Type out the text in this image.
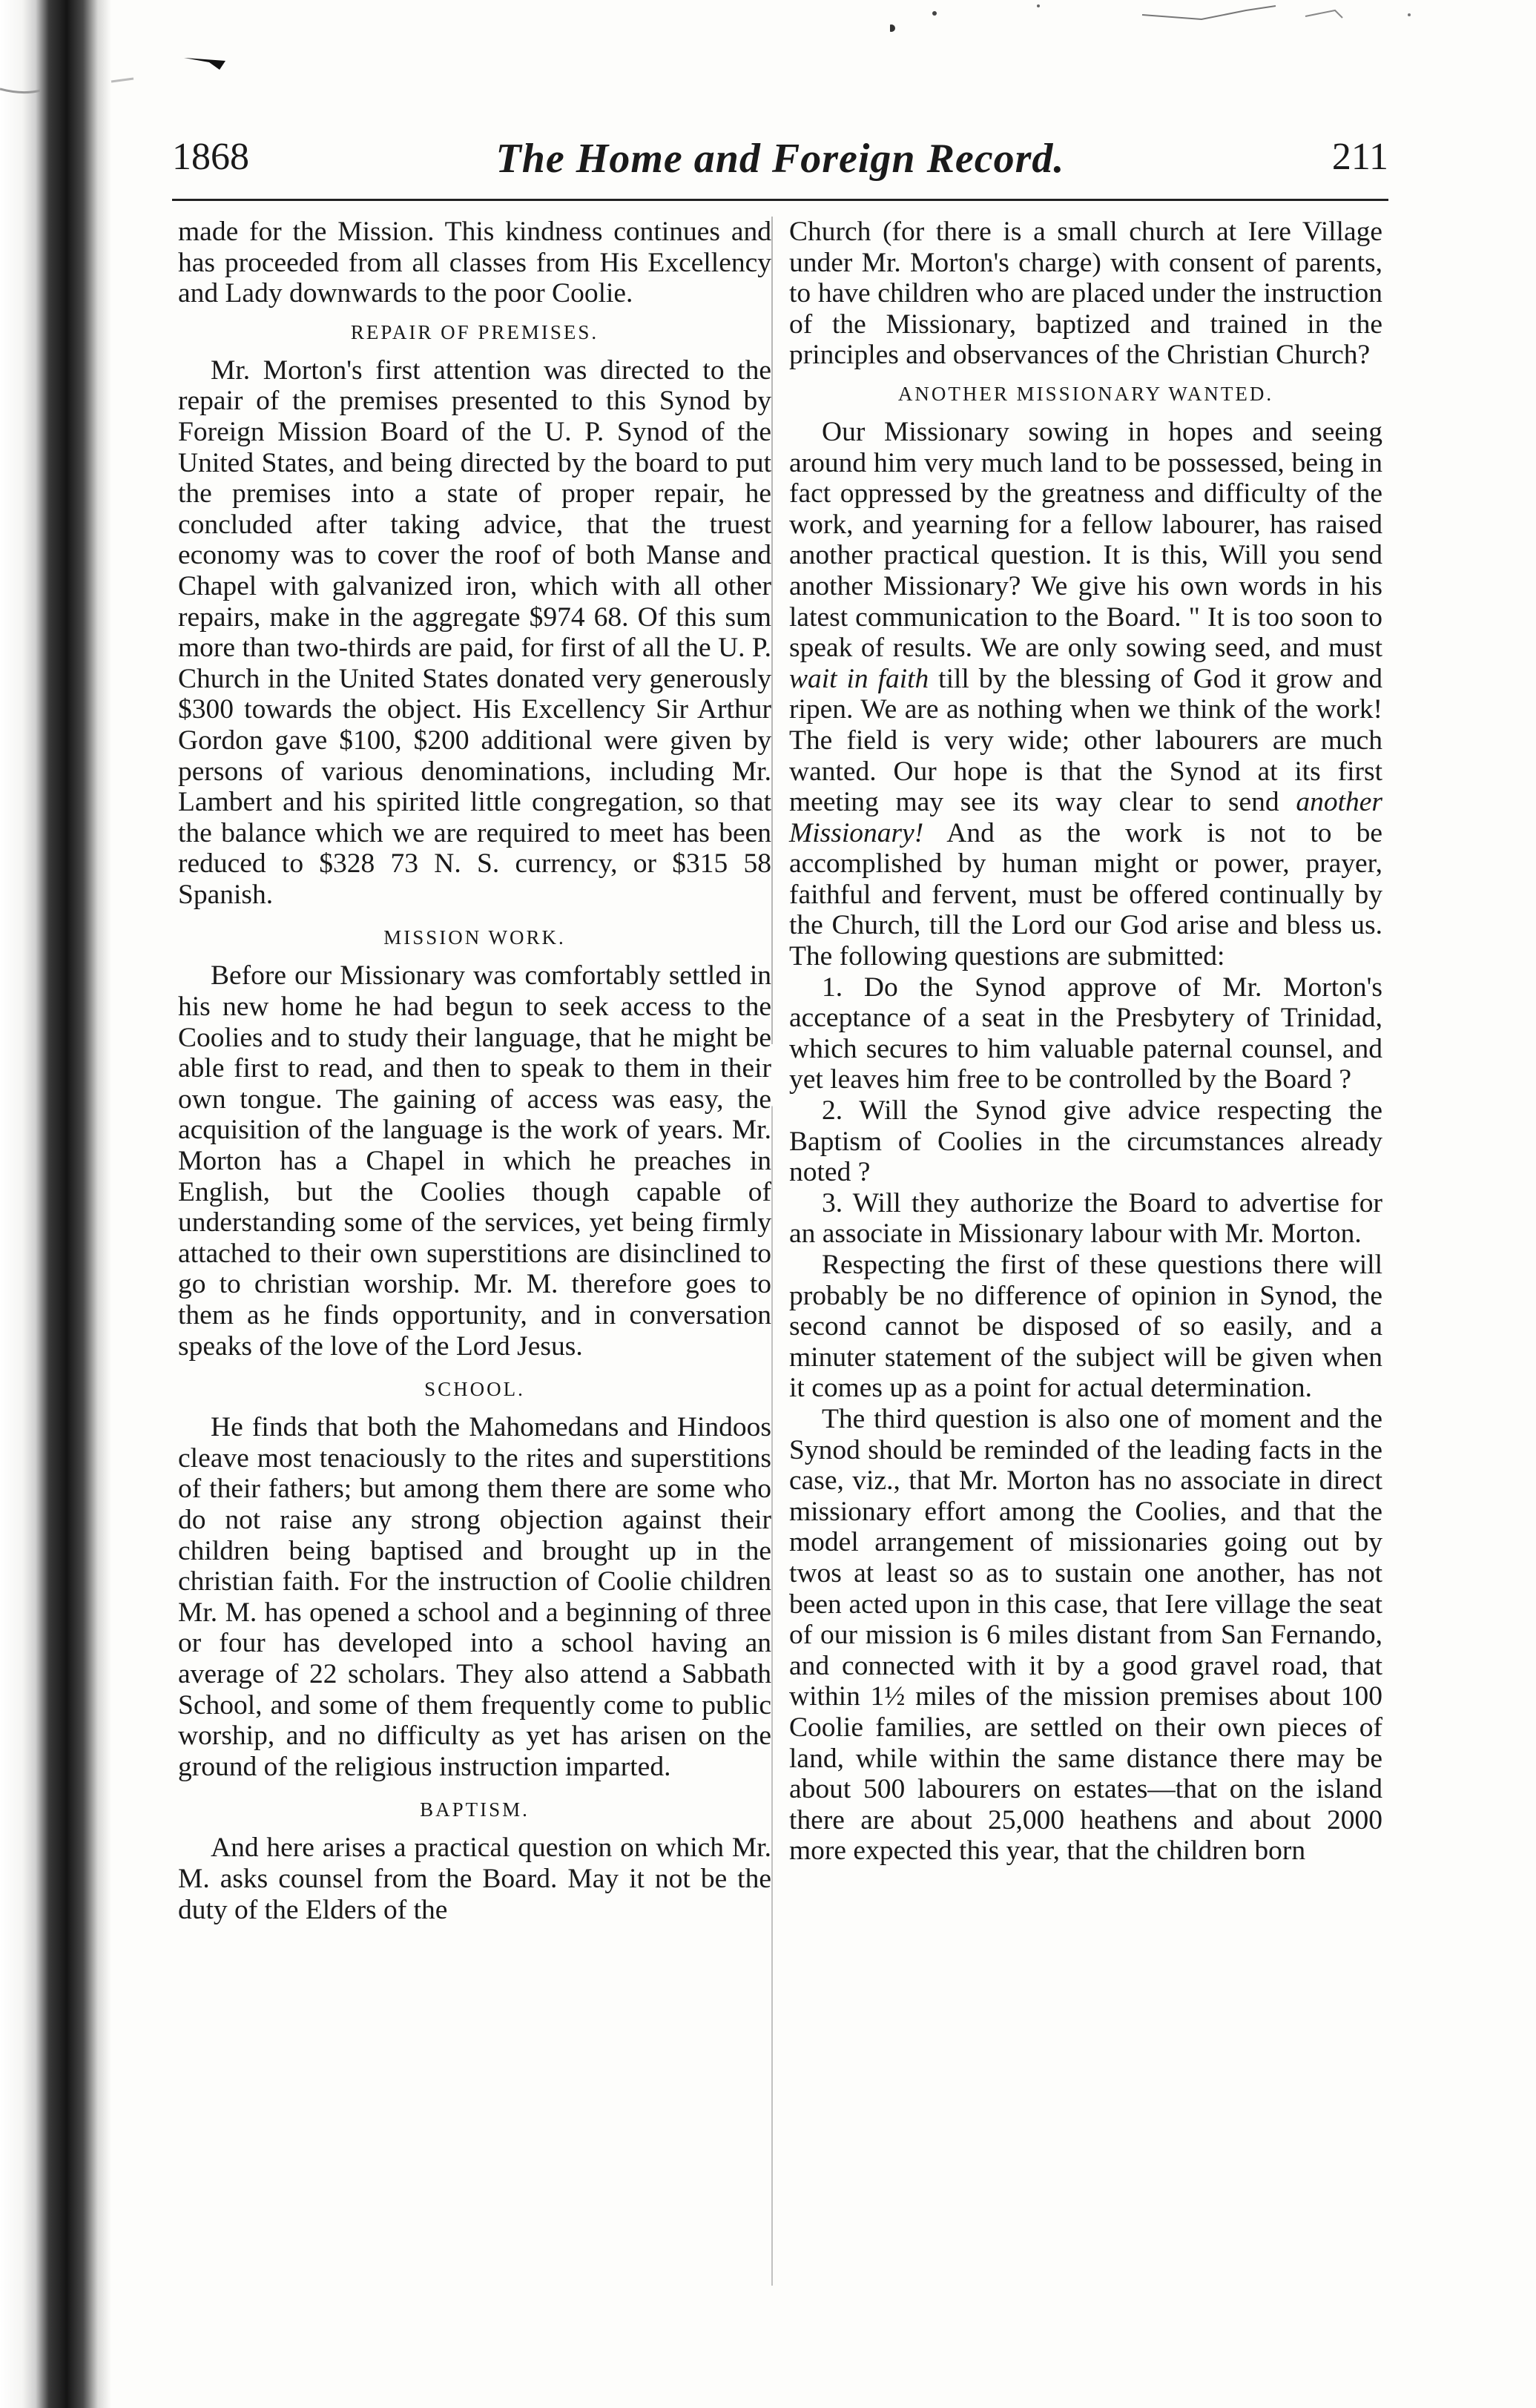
1868	The Home and Foreign Record.	211

made for the Mission. This kindness continues and has proceeded from all classes from His Excellency and Lady downwards to the poor Coolie.

REPAIR OF PREMISES.

Mr. Morton's first attention was directed to the repair of the premises presented to this Synod by Foreign Mission Board of the U. P. Synod of the United States, and being directed by the board to put the premises into a state of proper repair, he concluded after taking advice, that the truest economy was to cover the roof of both Manse and Chapel with galvanized iron, which with all other repairs, make in the aggregate $974 68. Of this sum more than two-thirds are paid, for first of all the U. P. Church in the United States donated very generously $300 towards the object. His Excellency Sir Arthur Gordon gave $100, $200 additional were given by persons of various denominations, including Mr. Lambert and his spirited little congregation, so that the balance which we are required to meet has been reduced to $328 73 N. S. currency, or $315 58 Spanish.

MISSION WORK.

Before our Missionary was comfortably settled in his new home he had begun to seek access to the Coolies and to study their language, that he might be able first to read, and then to speak to them in their own tongue. The gaining of access was easy, the acquisition of the language is the work of years. Mr. Morton has a Chapel in which he preaches in English, but the Coolies though capable of understanding some of the services, yet being firmly attached to their own superstitions are disinclined to go to christian worship. Mr. M. therefore goes to them as he finds opportunity, and in conversation speaks of the love of the Lord Jesus.

SCHOOL.

He finds that both the Mahomedans and Hindoos cleave most tenaciously to the rites and superstitions of their fathers; but among them there are some who do not raise any strong objection against their children being baptised and brought up in the christian faith. For the instruction of Coolie children Mr. M. has opened a school and a beginning of three or four has developed into a school having an average of 22 scholars. They also attend a Sabbath School, and some of them frequently come to public worship, and no difficulty as yet has arisen on the ground of the religious instruction imparted.

BAPTISM.

And here arises a practical question on which Mr. M. asks counsel from the Board. May it not be the duty of the Elders of the

Church (for there is a small church at Iere Village under Mr. Morton's charge) with consent of parents, to have children who are placed under the instruction of the Missionary, baptized and trained in the principles and observances of the Christian Church?

ANOTHER MISSIONARY WANTED.

Our Missionary sowing in hopes and seeing around him very much land to be possessed, being in fact oppressed by the greatness and difficulty of the work, and yearning for a fellow labourer, has raised another practical question. It is this, Will you send another Missionary? We give his own words in his latest communication to the Board. " It is too soon to speak of results. We are only sowing seed, and must wait in faith till by the blessing of God it grow and ripen. We are as nothing when we think of the work! The field is very wide; other labourers are much wanted. Our hope is that the Synod at its first meeting may see its way clear to send another Missionary! And as the work is not to be accomplished by human might or power, prayer, faithful and fervent, must be offered continually by the Church, till the Lord our God arise and bless us. The following questions are submitted:

1. Do the Synod approve of Mr. Morton's acceptance of a seat in the Presbytery of Trinidad, which secures to him valuable paternal counsel, and yet leaves him free to be controlled by the Board ?

2. Will the Synod give advice respecting the Baptism of Coolies in the circumstances already noted ?

3. Will they authorize the Board to advertise for an associate in Missionary labour with Mr. Morton.

Respecting the first of these questions there will probably be no difference of opinion in Synod, the second cannot be disposed of so easily, and a minuter statement of the subject will be given when it comes up as a point for actual determination.

The third question is also one of moment and the Synod should be reminded of the leading facts in the case, viz., that Mr. Morton has no associate in direct missionary effort among the Coolies, and that the model arrangement of missionaries going out by twos at least so as to sustain one another, has not been acted upon in this case, that Iere village the seat of our mission is 6 miles distant from San Fernando, and connected with it by a good gravel road, that within 1½ miles of the mission premises about 100 Coolie families, are settled on their own pieces of land, while within the same distance there may be about 500 labourers on estates—that on the island there are about 25,000 heathens and about 2000 more expected this year, that the children born
